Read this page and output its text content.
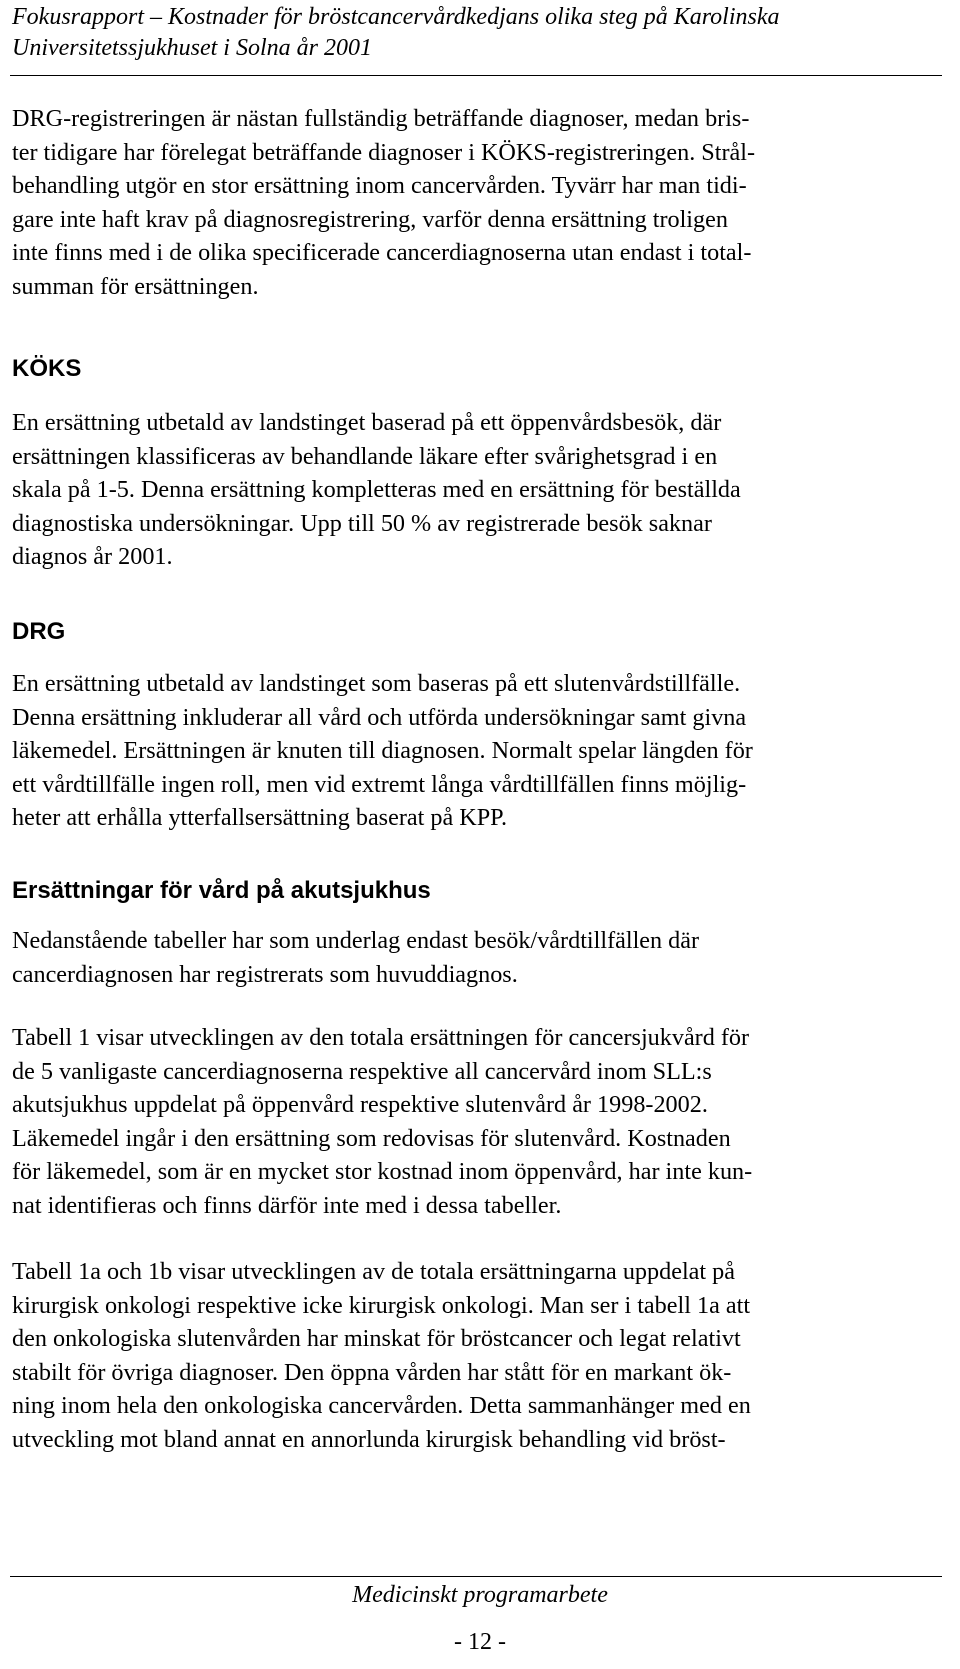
Fokusrapport – Kostnader för bröstcancervårdkedjans olika steg på Karolinska
Universitetssjukhuset i Solna år 2001
DRG-registreringen är nästan fullständig beträffande diagnoser, medan bris-
ter tidigare har förelegat beträffande diagnoser i KÖKS-registreringen. Strål-
behandling utgör en stor ersättning inom cancervården. Tyvärr har man tidi-
gare inte haft krav på diagnosregistrering, varför denna ersättning troligen
inte finns med i de olika specificerade cancerdiagnoserna utan endast i total-
summan för ersättningen.
KÖKS
En ersättning utbetald av landstinget baserad på ett öppenvårdsbesök, där
ersättningen klassificeras av behandlande läkare efter svårighetsgrad i en
skala på 1-5. Denna ersättning kompletteras med en ersättning för beställda
diagnostiska undersökningar. Upp till 50 % av registrerade besök saknar
diagnos år 2001.
DRG
En ersättning utbetald av landstinget som baseras på ett slutenvårdstillfälle.
Denna ersättning inkluderar all vård och utförda undersökningar samt givna
läkemedel. Ersättningen är knuten till diagnosen. Normalt spelar längden för
ett vårdtillfälle ingen roll, men vid extremt långa vårdtillfällen finns möjlig-
heter att erhålla ytterfallsersättning baserat på KPP.
Ersättningar för vård på akutsjukhus
Nedanstående tabeller har som underlag endast besök/vårdtillfällen där
cancerdiagnosen har registrerats som huvuddiagnos.
Tabell 1 visar utvecklingen av den totala ersättningen för cancersjukvård för
de 5 vanligaste cancerdiagnoserna respektive all cancervård inom SLL:s
akutsjukhus uppdelat på öppenvård respektive slutenvård år 1998-2002.
Läkemedel ingår i den ersättning som redovisas för slutenvård. Kostnaden
för läkemedel, som är en mycket stor kostnad inom öppenvård, har inte kun-
nat identifieras och finns därför inte med i dessa tabeller.
Tabell 1a och 1b visar utvecklingen av de totala ersättningarna uppdelat på
kirurgisk onkologi respektive icke kirurgisk onkologi. Man ser i tabell 1a att
den onkologiska slutenvården har minskat för bröstcancer och legat relativt
stabilt för övriga diagnoser. Den öppna vården har stått för en markant ök-
ning inom hela den onkologiska cancervården. Detta sammanhänger med en
utveckling mot bland annat en annorlunda kirurgisk behandling vid bröst-
Medicinskt programarbete
- 12 -
